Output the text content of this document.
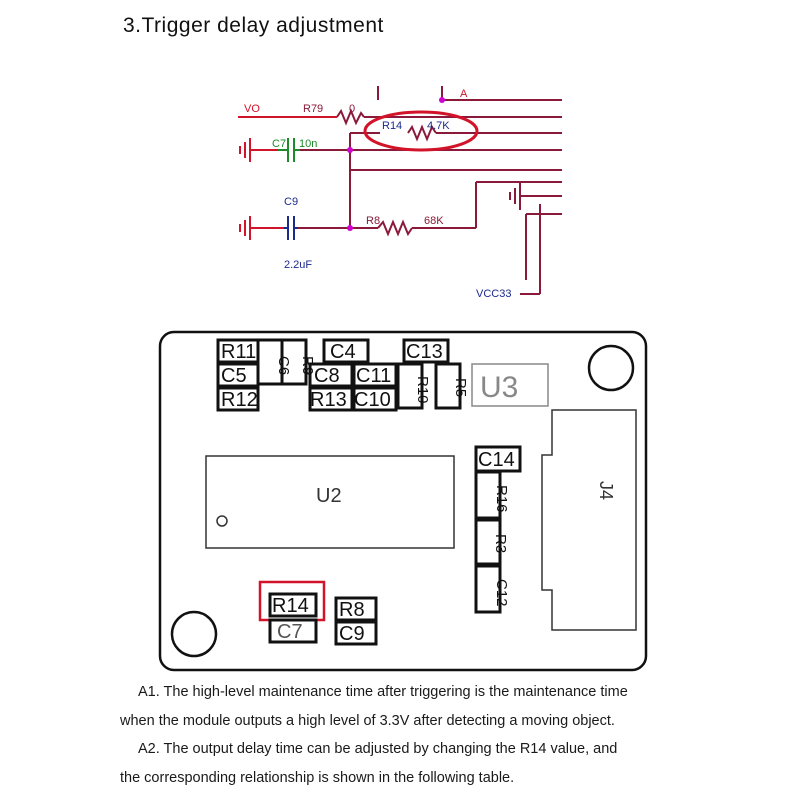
3.Trigger delay adjustment
VO	R79 0
A
R14 4.7K
C7 10n
C9
R8	68K
2.2uF
VCC33
R11
C5
R12
C6 R9
C4	C13
C8 C11
R13 C10 R10 R5 U3
U2
C14
R16
R3
C12
J4
R14
C7
R8
C9
A1. The high-level maintenance time after triggering is the maintenance time
when the module outputs a high level of 3.3V after detecting a moving object.
A2. The output delay time can be adjusted by changing the R14 value, and
the corresponding relationship is shown in the following table.
